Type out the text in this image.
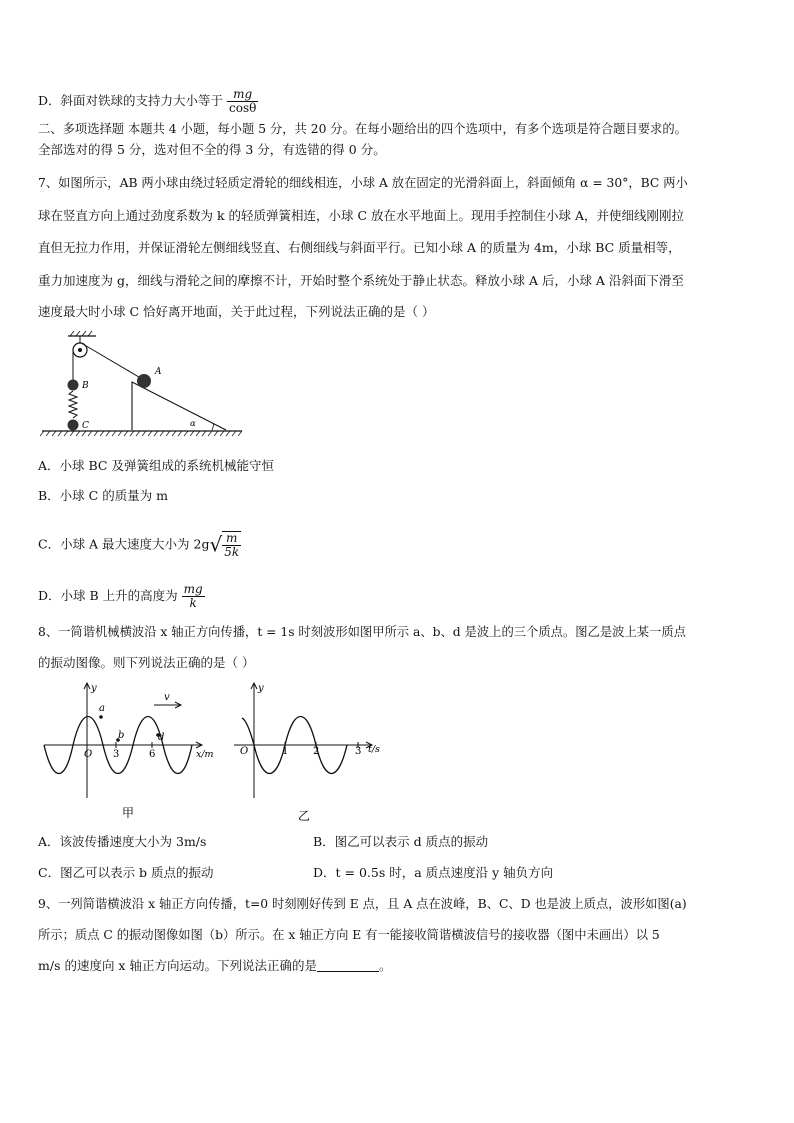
D．斜面对铁球的支持力大小等于 $\frac{mg}{\cos\theta}$
二、多项选择题 本题共 4 小题，每小题 5 分，共 20 分。在每小题给出的四个选项中，有多个选项是符合题目要求的。
全部选对的得 5 分，选对但不全的得 3 分，有选错的得 0 分。
7、如图所示，AB 两小球由绕过轻质定滑轮的细线相连，小球 A 放在固定的光滑斜面上，斜面倾角 α = 30°，BC 两小
球在竖直方向上通过劲度系数为 k 的轻质弹簧相连，小球 C 放在水平地面上。现用手控制住小球 A，并使细线刚刚拉
直但无拉力作用，并保证滑轮左侧细线竖直、右侧细线与斜面平行。已知小球 A 的质量为 4m，小球 BC 质量相等，
重力加速度为 g，细线与滑轮之间的摩擦不计，开始时整个系统处于静止状态。释放小球 A 后，小球 A 沿斜面下滑至
速度最大时小球 C 恰好离开地面，关于此过程，下列说法正确的是（ ）
B
C
A
α
A．小球 BC 及弹簧组成的系统机械能守恒
B．小球 C 的质量为 m
C．小球 A 最大速度大小为 $2g√ \frac{m}{5k}$
D．小球 B 上升的高度为 $\frac{mg}{k}$
8、一简谐机械横波沿 x 轴正方向传播，t = 1s 时刻波形如图甲所示 a、b、d 是波上的三个质点。图乙是波上某一质点
的振动图像。则下列说法正确的是（ ）
y
x/m
O 3	6
a
b	d
v
甲
y
t/s
O	1 2	3
乙
A．该波传播速度大小为 3m/s	B．图乙可以表示 d 质点的振动
C．图乙可以表示 b 质点的振动	D．t = 0.5s 时，a 质点速度沿 y 轴负方向
9、一列简谐横波沿 x 轴正方向传播，t=0 时刻刚好传到 E 点，且 A 点在波峰，B、C、D 也是波上质点，波形如图(a)
所示；质点 C 的振动图像如图（b）所示。在 x 轴正方向 E 有一能接收简谐横波信号的接收器（图中未画出）以 5
m/s 的速度向 x 轴正方向运动。下列说法正确的是	。
